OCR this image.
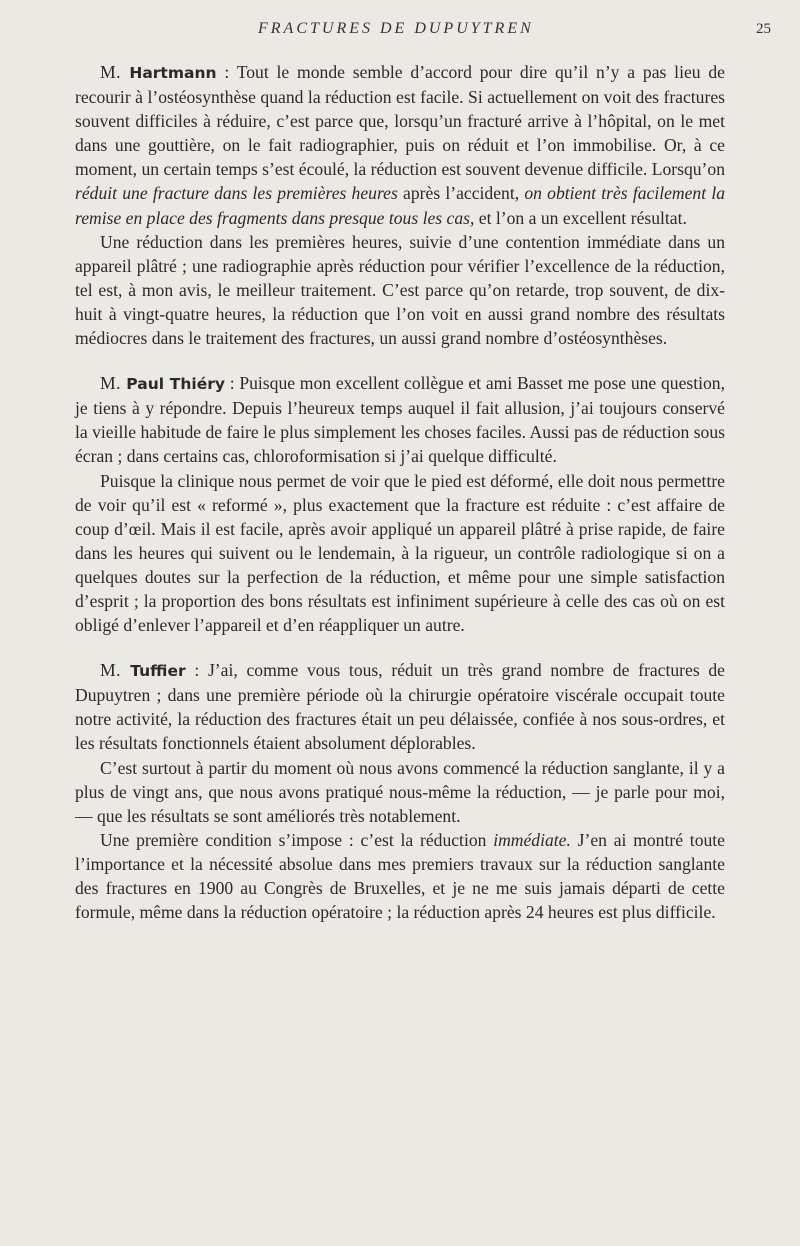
FRACTURES DE DUPUYTREN	25

M. Hartmann : Tout le monde semble d’accord pour dire qu’il n’y a pas lieu de recourir à l’ostéosynthèse quand la réduction est facile. Si actuellement on voit des fractures souvent difficiles à réduire, c’est parce que, lorsqu’un fracturé arrive à l’hôpital, on le met dans une gouttière, on le fait radiographier, puis on réduit et l’on immobilise. Or, à ce moment, un certain temps s’est écoulé, la réduction est souvent devenue difficile. Lorsqu’on réduit une fracture dans les premières heures après l’accident, on obtient très facilement la remise en place des fragments dans presque tous les cas, et l’on a un excellent résultat.

Une réduction dans les premières heures, suivie d’une contention immédiate dans un appareil plâtré ; une radiographie après réduction pour vérifier l’excellence de la réduction, tel est, à mon avis, le meilleur traitement. C’est parce qu’on retarde, trop souvent, de dix-huit à vingt-quatre heures, la réduction que l’on voit en aussi grand nombre des résultats médiocres dans le traitement des fractures, un aussi grand nombre d’ostéosynthèses.

M. Paul Thiéry : Puisque mon excellent collègue et ami Basset me pose une question, je tiens à y répondre. Depuis l’heureux temps auquel il fait allusion, j’ai toujours conservé la vieille habitude de faire le plus simplement les choses faciles. Aussi pas de réduction sous écran ; dans certains cas, chloroformisation si j’ai quelque difficulté.

Puisque la clinique nous permet de voir que le pied est déformé, elle doit nous permettre de voir qu’il est « reformé », plus exactement que la fracture est réduite : c’est affaire de coup d’œil. Mais il est facile, après avoir appliqué un appareil plâtré à prise rapide, de faire dans les heures qui suivent ou le lendemain, à la rigueur, un contrôle radiologique si on a quelques doutes sur la perfection de la réduction, et même pour une simple satisfaction d’esprit ; la proportion des bons résultats est infiniment supérieure à celle des cas où on est obligé d’enlever l’appareil et d’en réappliquer un autre.

M. Tuffier : J’ai, comme vous tous, réduit un très grand nombre de fractures de Dupuytren ; dans une première période où la chirurgie opératoire viscérale occupait toute notre activité, la réduction des fractures était un peu délaissée, confiée à nos sous-ordres, et les résultats fonctionnels étaient absolument déplorables.

C’est surtout à partir du moment où nous avons commencé la réduction sanglante, il y a plus de vingt ans, que nous avons pratiqué nous-même la réduction, — je parle pour moi, — que les résultats se sont améliorés très notablement.

Une première condition s’impose : c’est la réduction immédiate. J’en ai montré toute l’importance et la nécessité absolue dans mes premiers travaux sur la réduction sanglante des fractures en 1900 au Congrès de Bruxelles, et je ne me suis jamais départi de cette formule, même dans la réduction opératoire ; la réduction après 24 heures est plus difficile.
